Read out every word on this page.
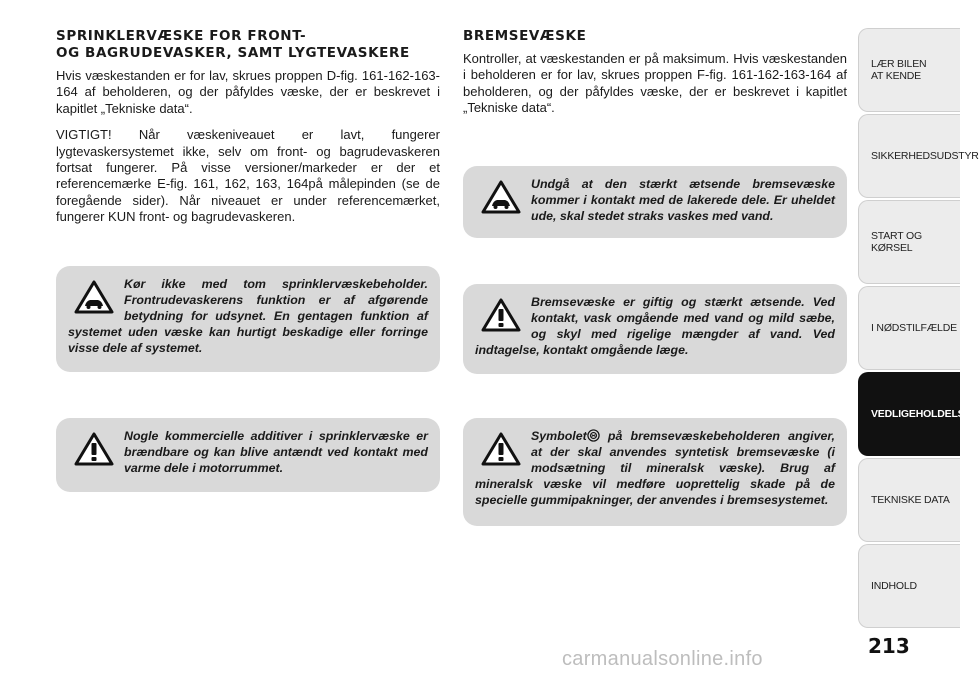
SPRINKLERVÆSKE FOR FRONT-
OG BAGRUDEVASKER, SAMT LYGTEVASKERE

Hvis væskestanden er for lav, skrues proppen D-fig. 161-162-163-164 af beholderen, og der påfyldes væske, der er beskrevet i kapitlet „Tekniske data“.

VIGTIGT! Når væskeniveauet er lavt, fungerer lygtevaskersystemet ikke, selv om front- og bagrudevaskeren fortsat fungerer. På visse versioner/markeder er der et referencemærke E-fig. 161, 162, 163, 164på målepinden (se de foregående sider). Når niveauet er under referencemærket, fungerer KUN front- og bagrudevaskeren.

Kør ikke med tom sprinklervæskebeholder. Frontrudevaskerens funktion er af afgørende betydning for udsynet. En gentagen funktion af systemet uden væske kan hurtigt beskadige eller forringe visse dele af systemet.

Nogle kommercielle additiver i sprinklervæske er brændbare og kan blive antændt ved kontakt med varme dele i motorrummet.

BREMSEVÆSKE

Kontroller, at væskestanden er på maksimum. Hvis væskestanden i beholderen er for lav, skrues proppen F-fig. 161-162-163-164 af beholderen, og der påfyldes væske, der er beskrevet i kapitlet „Tekniske data“.

Undgå at den stærkt ætsende bremsevæske kommer i kontakt med de lakerede dele. Er uheldet ude, skal stedet straks vaskes med vand.

Bremsevæske er giftig og stærkt ætsende. Ved kontakt, vask omgående med vand og mild sæbe, og skyl med rigelige mængder af vand. Ved indtagelse, kontakt omgående læge.

Symbolet på bremsevæskebeholderen angiver, at der skal anvendes syntetisk bremsevæske (i modsætning til mineralsk væske). Brug af mineralsk væske vil medføre uoprettelig skade på de specielle gummipakninger, der anvendes i bremsesystemet.

LÆR BILEN
AT KENDE
SIKKERHEDSUDSTYR
START OG KØRSEL
I NØDSTILFÆLDE
VEDLIGEHOLDELSE
TEKNISKE DATA
INDHOLD
213
carmanualsonline.info
